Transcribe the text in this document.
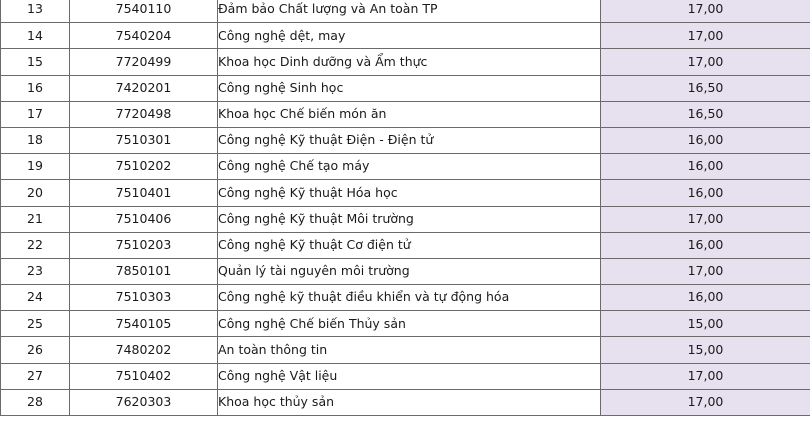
13	7540110	Đảm bảo Chất lượng và An toàn TP	17,00
14	7540204	Công nghệ dệt, may	17,00
15	7720499	Khoa học Dinh dưỡng và Ẩm thực	17,00
16	7420201	Công nghệ Sinh học	16,50
17	7720498	Khoa học Chế biến món ăn	16,50
18	7510301	Công nghệ Kỹ thuật Điện - Điện tử	16,00
19	7510202	Công nghệ Chế tạo máy	16,00
20	7510401	Công nghệ Kỹ thuật Hóa học	16,00
21	7510406	Công nghệ Kỹ thuật Môi trường	17,00
22	7510203	Công nghệ Kỹ thuật Cơ điện tử	16,00
23	7850101	Quản lý tài nguyên môi trường	17,00
24	7510303	Công nghệ kỹ thuật điều khiển và tự động hóa	16,00
25	7540105	Công nghệ Chế biến Thủy sản	15,00
26	7480202	An toàn thông tin	15,00
27	7510402	Công nghệ Vật liệu	17,00
28	7620303	Khoa học thủy sản	17,00
